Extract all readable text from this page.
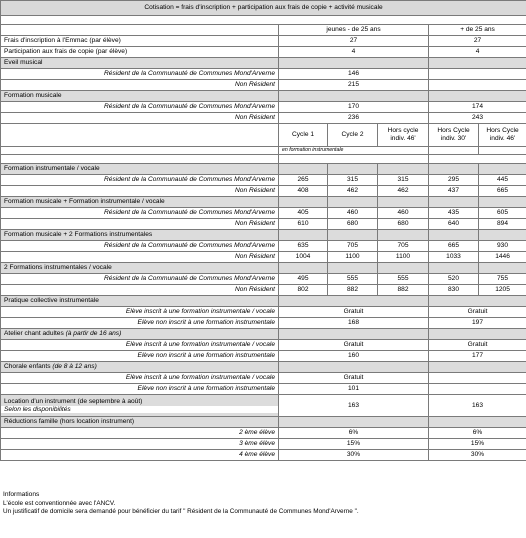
Cotisation = frais d'inscription + participation aux frais de copie + activité musicale					

	jeunes - de 25 ans			+ de 25 ans	
Frais d'inscription à l'Emmac (par élève)	27			27	
Participation aux frais de copie (par élève)	4			4	
Eveil musical					
Résident de la Communauté de Communes Mond'Arverne	146				
Non Résident	215				
Formation musicale					
Résident de la Communauté de Communes Mond'Arverne	170			174	
Non Résident	236			243	
	Cycle 1	Cycle 2	Hors cycle indiv. 46'	Hors Cycle indiv. 30'	Hors Cycle indiv. 46'
	en formation instrumentale				

Formation instrumentale / vocale					
Résident de la Communauté de Communes Mond'Arverne	265	315	315	295	445
Non Résident	408	462	462	437	665
Formation musicale + Formation instrumentale / vocale					
Résident de la Communauté de Communes Mond'Arverne	405	460	460	435	605
Non Résident	610	680	680	640	894
Formation musicale + 2 Formations instrumentales					
Résident de la Communauté de Communes Mond'Arverne	635	705	705	665	930
Non Résident	1004	1100	1100	1033	1446
2 Formations instrumentales / vocale					
Résident de la Communauté de Communes Mond'Arverne	495	555	555	520	755
Non Résident	802	882	882	830	1205
Pratique collective instrumentale					
Elève inscrit à une formation instrumentale / vocale	Gratuit			Gratuit	
Elève non inscrit à une formation instrumentale	168			197	
Atelier chant adultes (à partir de 16 ans)					
Elève inscrit à une formation instrumentale / vocale	Gratuit			Gratuit	
Elève non inscrit à une formation instrumentale	160			177	
Chorale enfants (de 8 à 12 ans)					
Elève inscrit à une formation instrumentale / vocale	Gratuit				
Elève non inscrit à une formation instrumentale	101				

Location d'un instrument (de septembre à août)
Selon les disponibilités	163			163	
Réductions famille (hors location instrument)					
2 ème élève	6%			6%	
3 ème élève	15%			15%	
4 ème élève	30%			30%	
Informations
L'école est conventionnée avec l'ANCV.
Un justificatif de domicile sera demandé pour bénéficier du tarif " Résident de la Communauté de Communes Mond'Arverne ".
